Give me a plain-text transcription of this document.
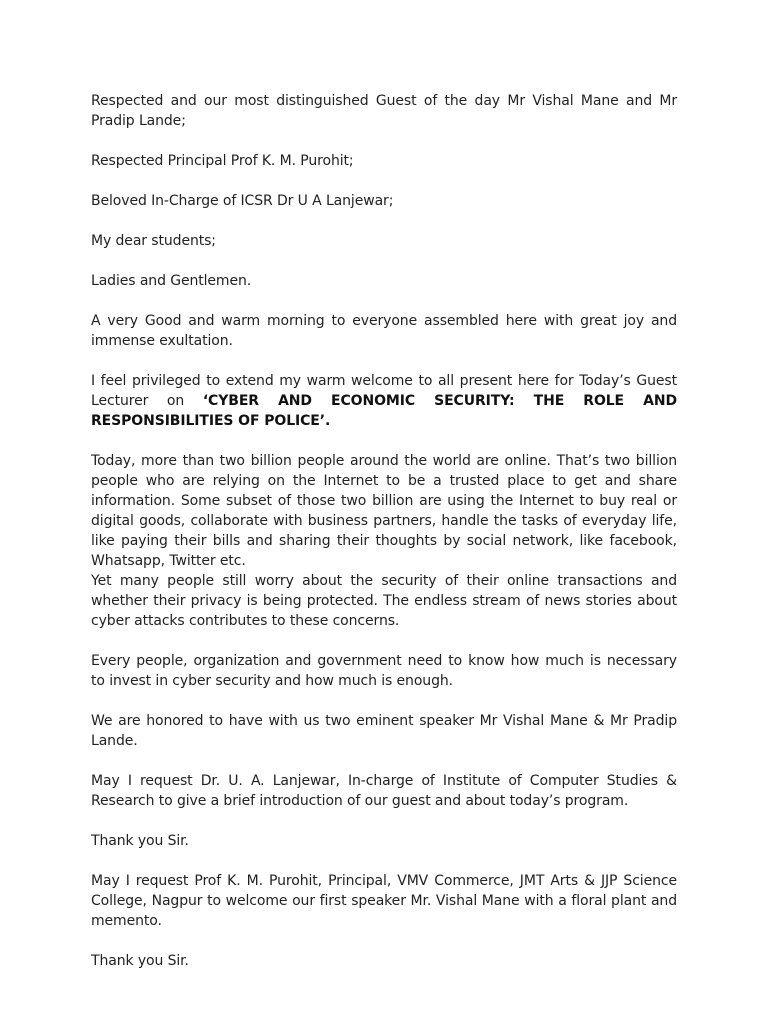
Respected and our most distinguished Guest of the day Mr Vishal Mane and Mr Pradip Lande;

Respected Principal Prof K. M. Purohit;

Beloved In-Charge of ICSR Dr U A Lanjewar;

My dear students;

Ladies and Gentlemen.

A very Good and warm morning to everyone assembled here with great joy and immense exultation.

I feel privileged to extend my warm welcome to all present here for Today’s Guest Lecturer on ‘CYBER AND ECONOMIC SECURITY: THE ROLE AND RESPONSIBILITIES OF POLICE’.

Today, more than two billion people around the world are online. That’s two billion people who are relying on the Internet to be a trusted place to get and share information. Some subset of those two billion are using the Internet to buy real or digital goods, collaborate with business partners, handle the tasks of everyday life, like paying their bills and sharing their thoughts by social network, like facebook, Whatsapp, Twitter etc.

Yet many people still worry about the security of their online transactions and whether their privacy is being protected. The endless stream of news stories about cyber attacks contributes to these concerns.

Every people, organization and government need to know how much is necessary to invest in cyber security and how much is enough.

We are honored to have with us two eminent speaker Mr Vishal Mane & Mr Pradip Lande.

May I request Dr. U. A. Lanjewar, In-charge of Institute of Computer Studies & Research to give a brief introduction of our guest and about today’s program.

Thank you Sir.

May I request Prof K. M. Purohit, Principal, VMV Commerce, JMT Arts & JJP Science College, Nagpur to welcome our first speaker Mr. Vishal Mane with a floral plant and memento.

Thank you Sir.
